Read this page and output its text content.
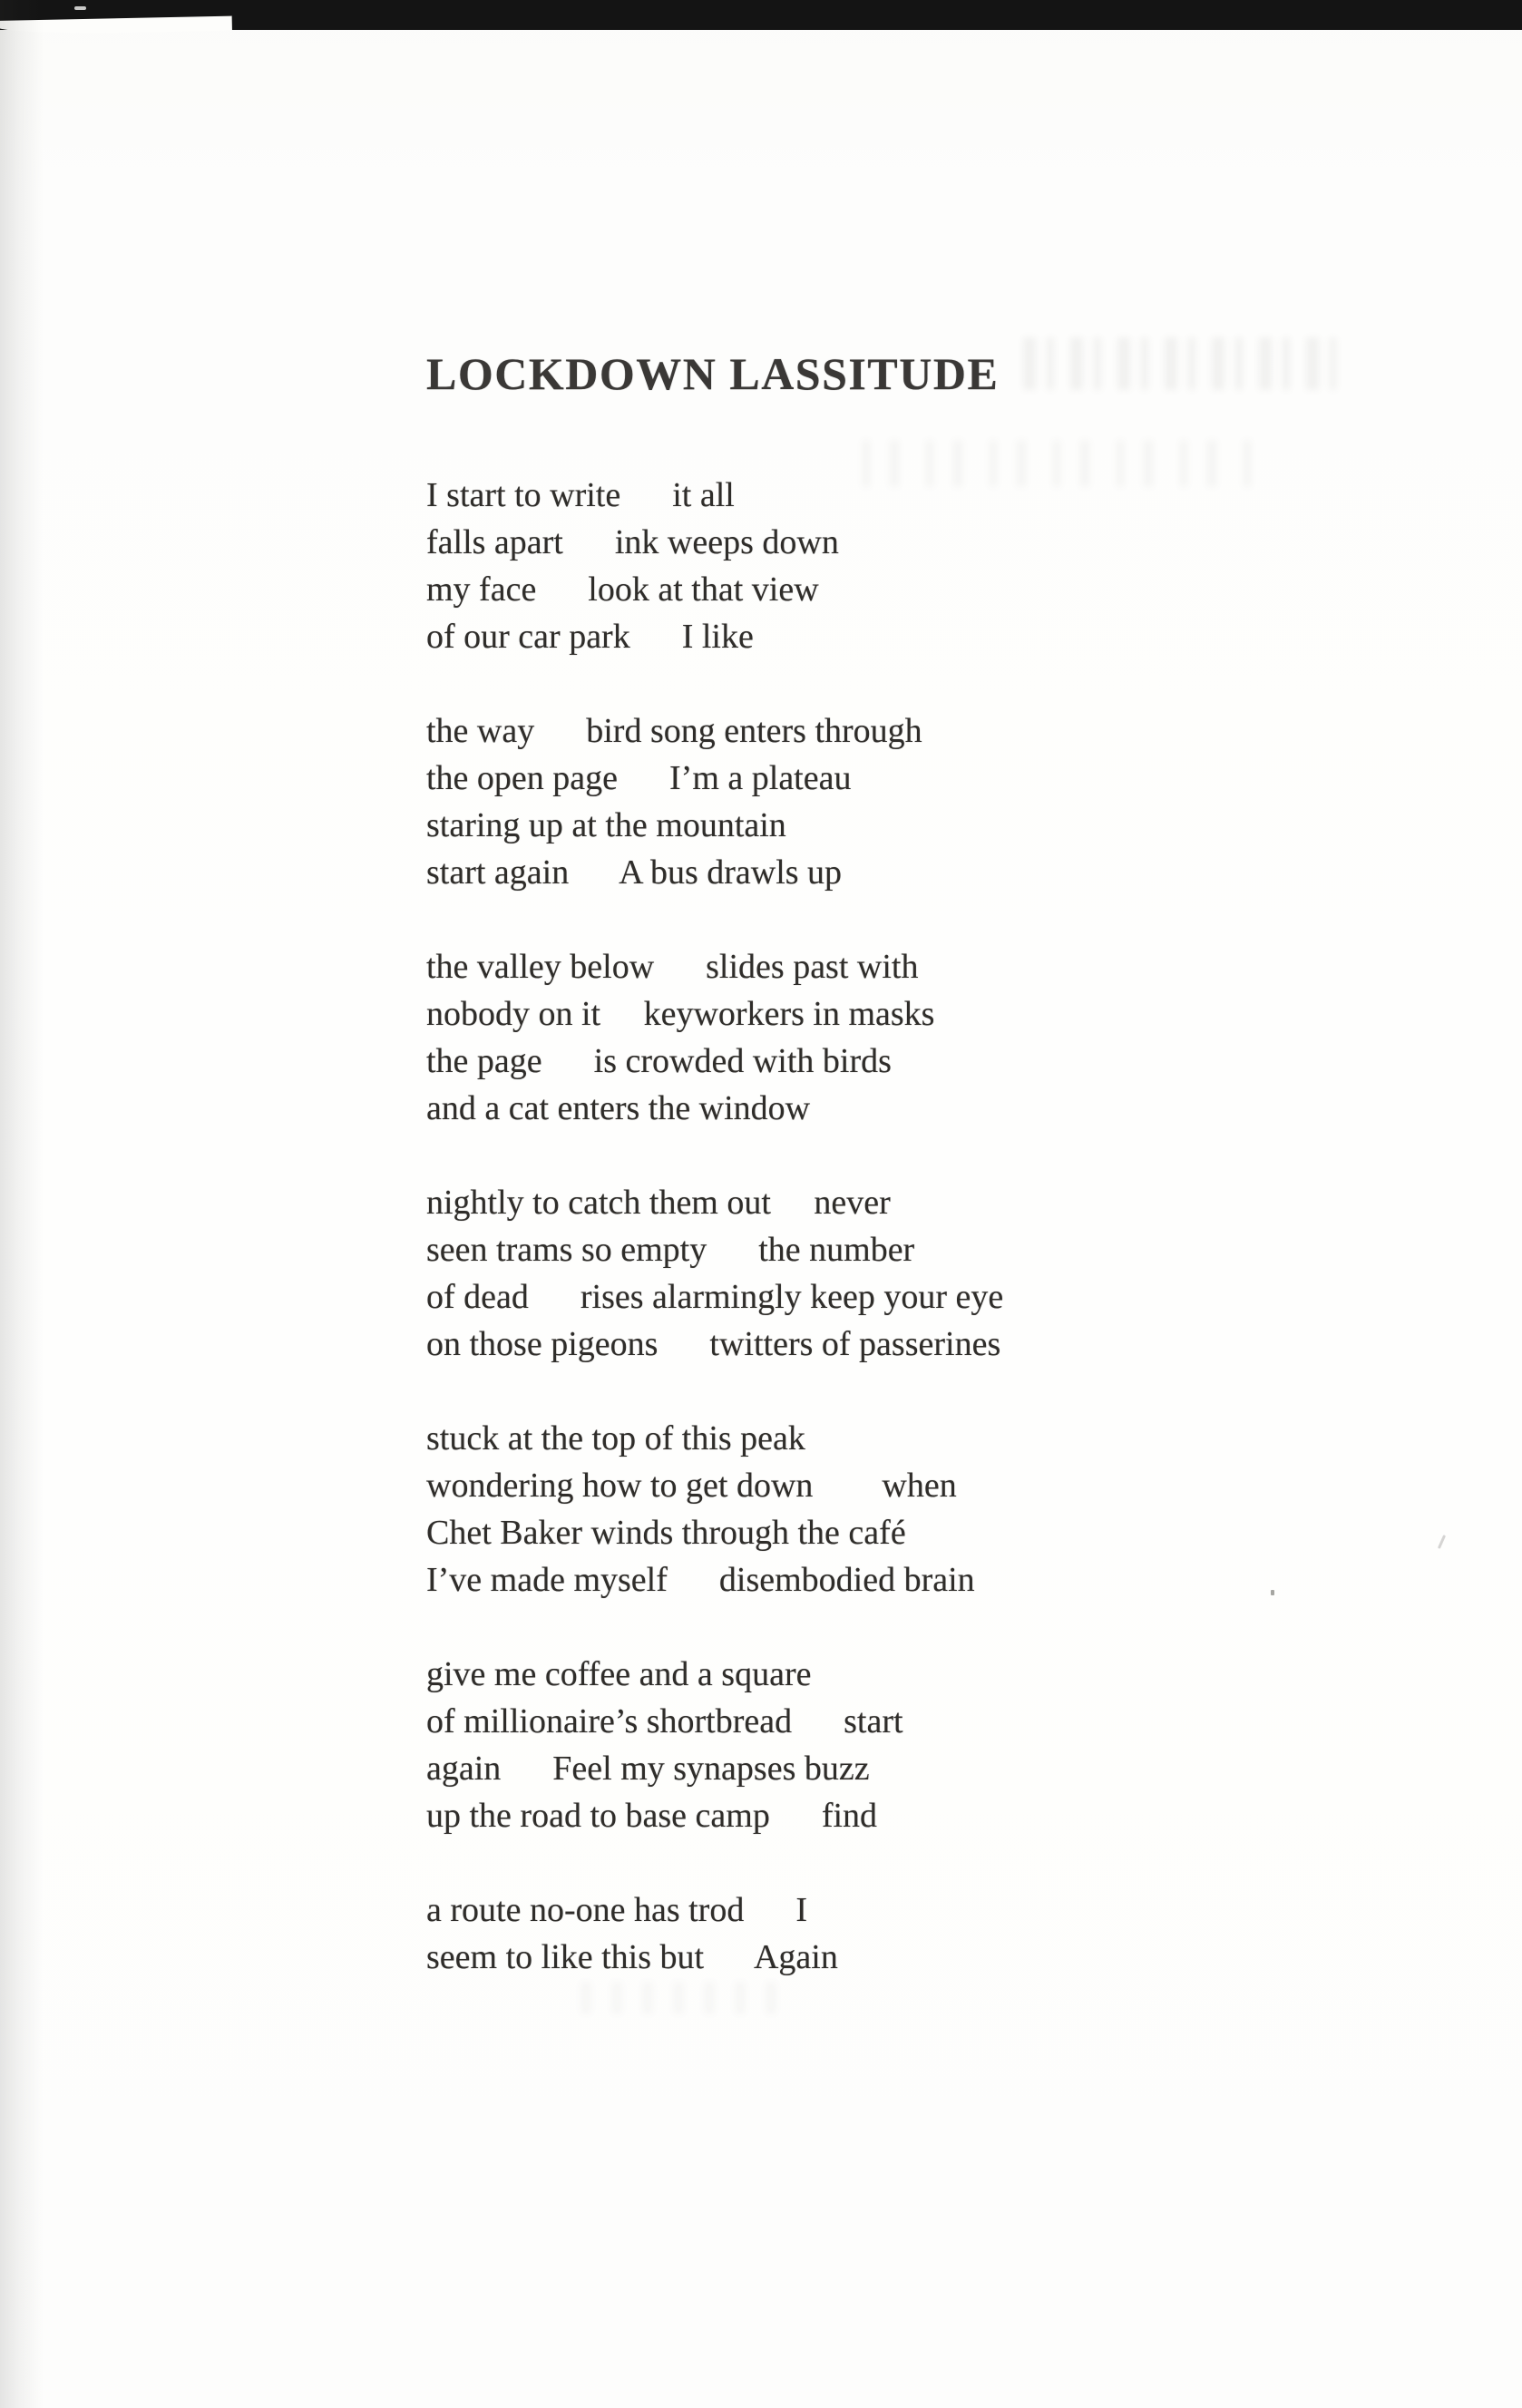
LOCKDOWN LASSITUDE
I start to write      it all
falls apart      ink weeps down
my face      look at that view
of our car park      I like
the way      bird song enters through
the open page      I’m a plateau
staring up at the mountain
start again      A bus drawls up
the valley below      slides past with
nobody on it     keyworkers in masks
the page      is crowded with birds
and a cat enters the window
nightly to catch them out     never
seen trams so empty      the number
of dead      rises alarmingly keep your eye
on those pigeons      twitters of passerines
stuck at the top of this peak
wondering how to get down        when
Chet Baker winds through the café
I’ve made myself      disembodied brain
give me coffee and a square
of millionaire’s shortbread      start
again      Feel my synapses buzz
up the road to base camp      find
a route no-one has trod      I
seem to like this but      Again
